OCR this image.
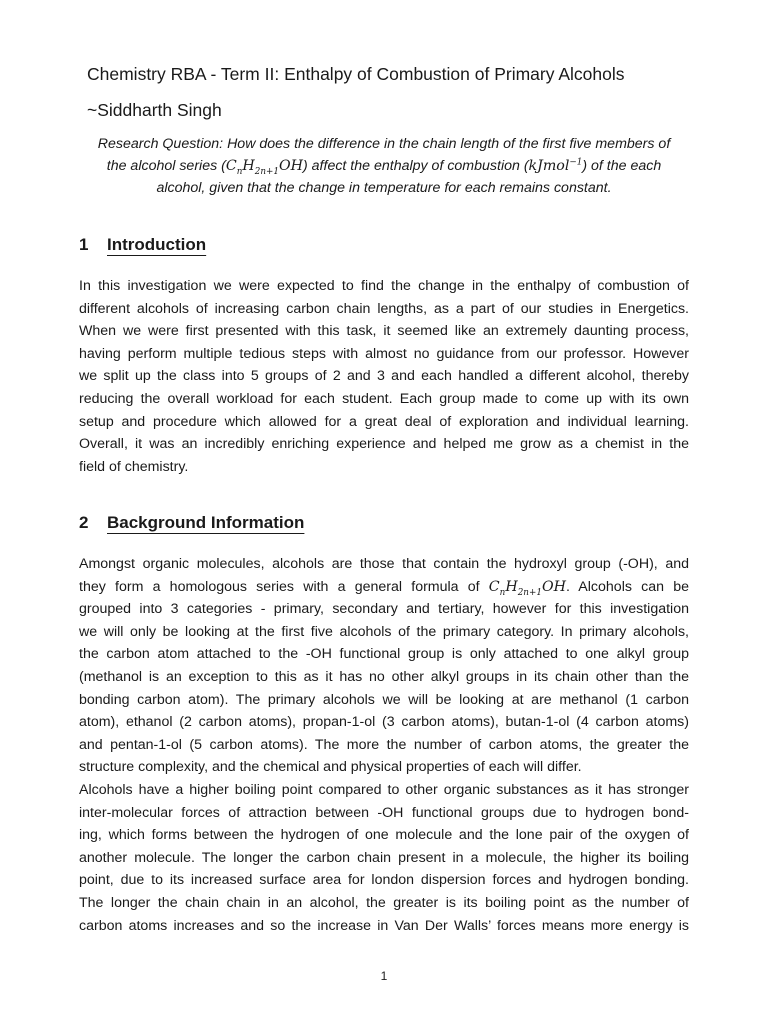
Chemistry RBA - Term II: Enthalpy of Combustion of Primary Alcohols
~Siddharth Singh
Research Question: How does the difference in the chain length of the first five members of
the alcohol series $(C_nH_{2n+1}OH)$ affect the enthalpy of combustion (kJmol$^{-1}$) of the each
alcohol, given that the change in temperature for each remains constant.
1 Introduction
In this investigation we were expected to find the change in the enthalpy of combustion of
different alcohols of increasing carbon chain lengths, as a part of our studies in Energetics.
When we were first presented with this task, it seemed like an extremely daunting process,
having perform multiple tedious steps with almost no guidance from our professor. However
we split up the class into 5 groups of 2 and 3 and each handled a different alcohol, thereby
reducing the overall workload for each student. Each group made to come up with its own
setup and procedure which allowed for a great deal of exploration and individual learning.
Overall, it was an incredibly enriching experience and helped me grow as a chemist in the
field of chemistry.
2 Background Information
Amongst organic molecules, alcohols are those that contain the hydroxyl group (-OH), and
they form a homologous series with a general formula of $C_nH_{2n+1}OH$. Alcohols can be
grouped into 3 categories - primary, secondary and tertiary, however for this investigation
we will only be looking at the first five alcohols of the primary category. In primary alcohols,
the carbon atom attached to the -OH functional group is only attached to one alkyl group
(methanol is an exception to this as it has no other alkyl groups in its chain other than the
bonding carbon atom). The primary alcohols we will be looking at are methanol (1 carbon
atom), ethanol (2 carbon atoms), propan-1-ol (3 carbon atoms), butan-1-ol (4 carbon atoms)
and pentan-1-ol (5 carbon atoms). The more the number of carbon atoms, the greater the
structure complexity, and the chemical and physical properties of each will differ.
Alcohols have a higher boiling point compared to other organic substances as it has stronger
inter-molecular forces of attraction between -OH functional groups due to hydrogen bond-
ing, which forms between the hydrogen of one molecule and the lone pair of the oxygen of
another molecule. The longer the carbon chain present in a molecule, the higher its boiling
point, due to its increased surface area for london dispersion forces and hydrogen bonding.
The longer the chain chain in an alcohol, the greater is its boiling point as the number of
carbon atoms increases and so the increase in Van Der Walls’ forces means more energy is
1
